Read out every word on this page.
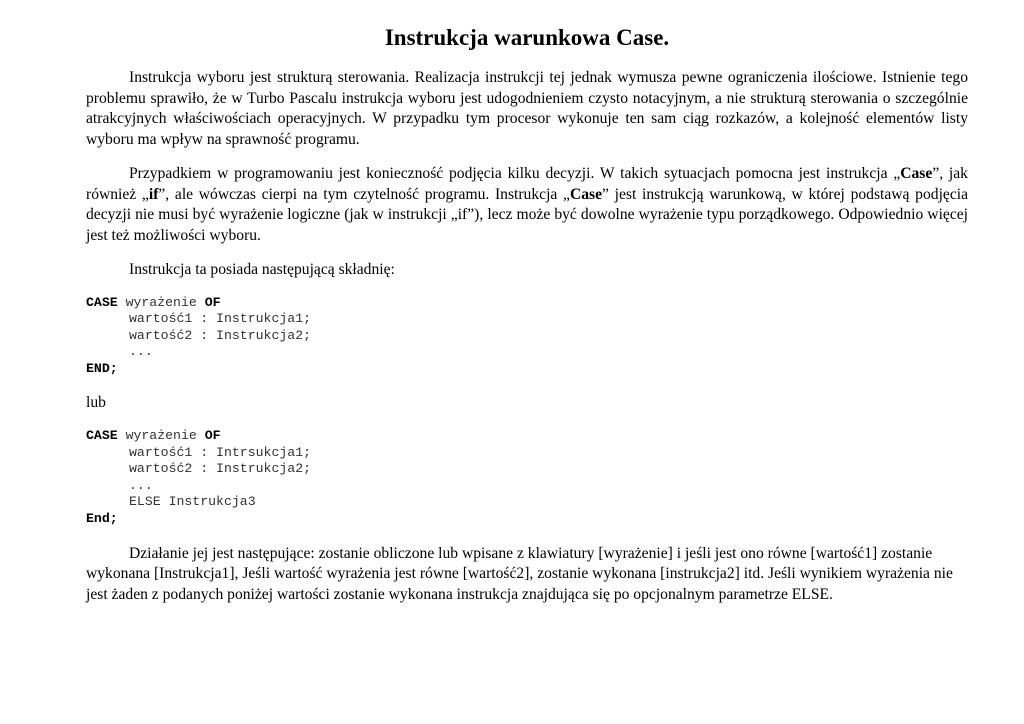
Instrukcja warunkowa Case.

Instrukcja wyboru jest strukturą sterowania. Realizacja instrukcji tej jednak wymusza pewne ograniczenia ilościowe. Istnienie tego problemu sprawiło, że w Turbo Pascalu instrukcja wyboru jest udogodnieniem czysto notacyjnym, a nie strukturą sterowania o szczególnie atrakcyjnych właściwościach operacyjnych. W przypadku tym procesor wykonuje ten sam ciąg rozkazów, a kolejność elementów listy wyboru ma wpływ na sprawność programu.

Przypadkiem w programowaniu jest konieczność podjęcia kilku decyzji. W takich sytuacjach pomocna jest instrukcja „Case”, jak również „if”, ale wówczas cierpi na tym czytelność programu. Instrukcja „Case” jest instrukcją warunkową, w której podstawą podjęcia decyzji nie musi być wyrażenie logiczne (jak w instrukcji „if”), lecz może być dowolne wyrażenie typu porządkowego. Odpowiednio więcej jest też możliwości wyboru.

Instrukcja ta posiada następującą składnię:

CASE wyrażenie OF
wartość1 : Instrukcja1;
wartość2 : Instrukcja2;
...
END;

lub

CASE wyrażenie OF
wartość1 : Intrsukcja1;
wartość2 : Instrukcja2;
...
ELSE Instrukcja3
End;

Działanie jej jest następujące: zostanie obliczone lub wpisane z klawiatury [wyrażenie] i jeśli jest ono równe [wartość1] zostanie wykonana [Instrukcja1], Jeśli wartość wyrażenia jest równe [wartość2], zostanie wykonana [instrukcja2] itd. Jeśli wynikiem wyrażenia nie jest żaden z podanych poniżej wartości zostanie wykonana instrukcja znajdująca się po opcjonalnym parametrze ELSE.
